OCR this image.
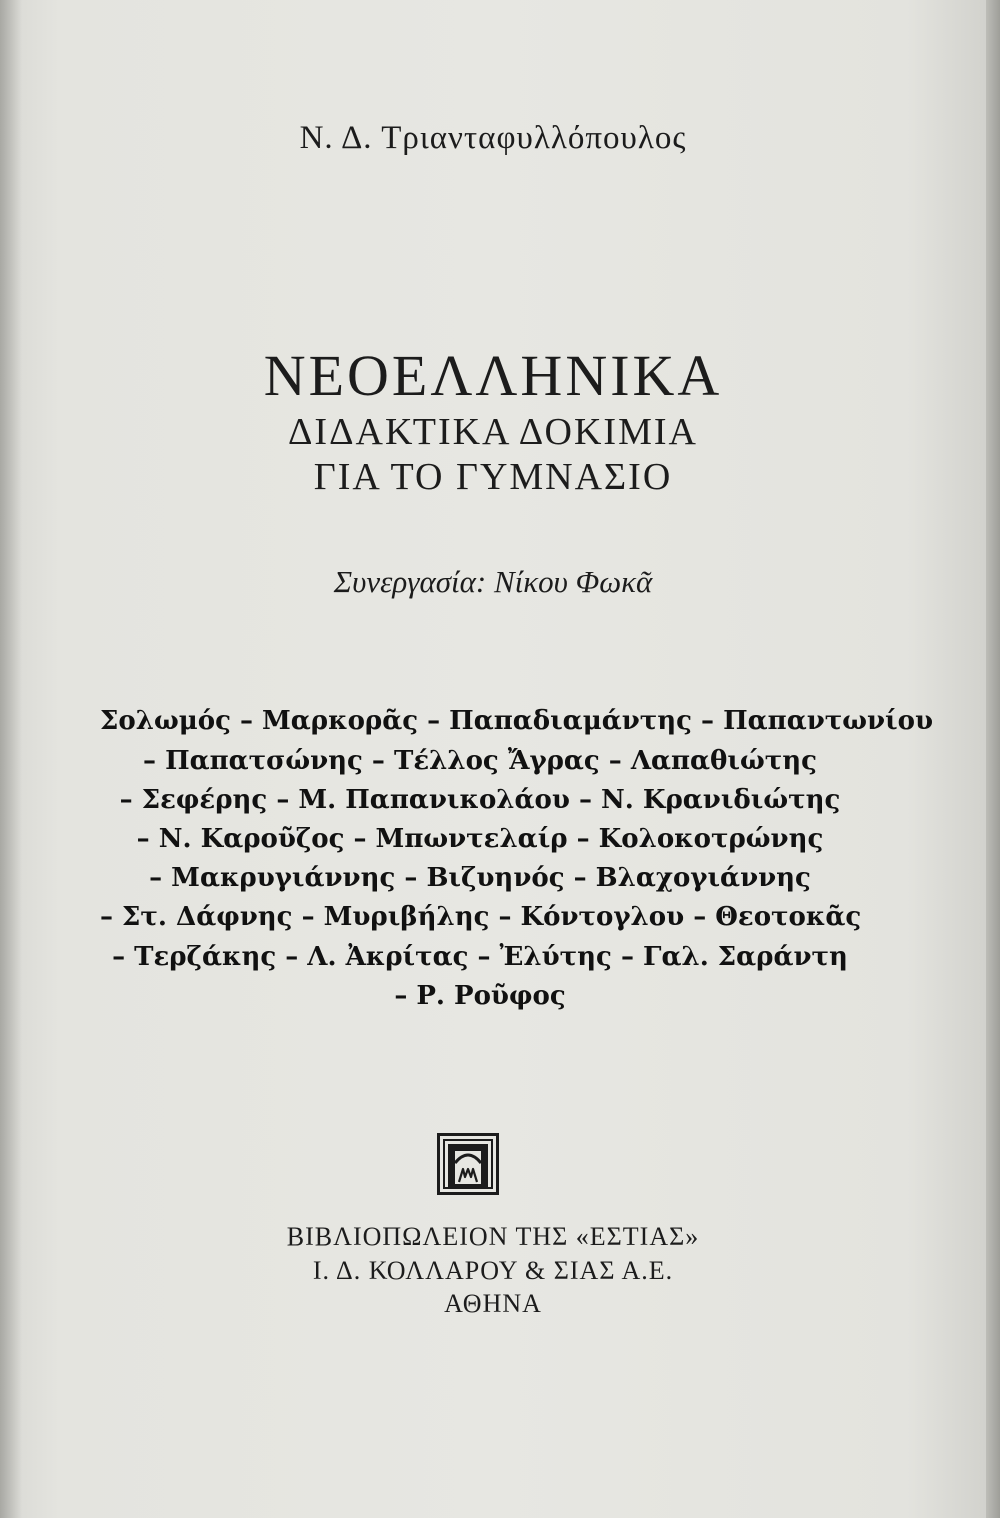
Ν. Δ. Τριανταφυλλόπουλος

ΝΕΟΕΛΛΗΝΙΚΑ

ΔΙΔΑΚΤΙΚΑ ΔΟΚΙΜΙΑ

ΓΙΑ ΤΟ ΓΥΜΝΑΣΙΟ

Συνεργασία: Νίκου Φωκᾶ

Σολωμός – Μαρκορᾶς – Παπαδιαμάντης – Παπαντωνίου

– Παπατσώνης – Τέλλος Ἄγρας – Λαπαθιώτης

– Σεφέρης – Μ. Παπανικολάου – Ν. Κρανιδιώτης

– Ν. Καροῦζος – Μπωντελαίρ – Κολοκοτρώνης

– Μακρυγιάννης – Βιζυηνός – Βλαχογιάννης

– Στ. Δάφνης – Μυριβήλης – Κόντογλου – Θεοτοκᾶς

– Τερζάκης – Λ. Ἀκρίτας – Ἐλύτης – Γαλ. Σαράντη

– Ρ. Ροῦφος

ΒΙΒΛΙΟΠΩΛΕΙΟΝ ΤΗΣ «ΕΣΤΙΑΣ»

Ι. Δ. ΚΟΛΛΑΡΟΥ & ΣΙΑΣ Α.Ε.

ΑΘΗΝΑ
